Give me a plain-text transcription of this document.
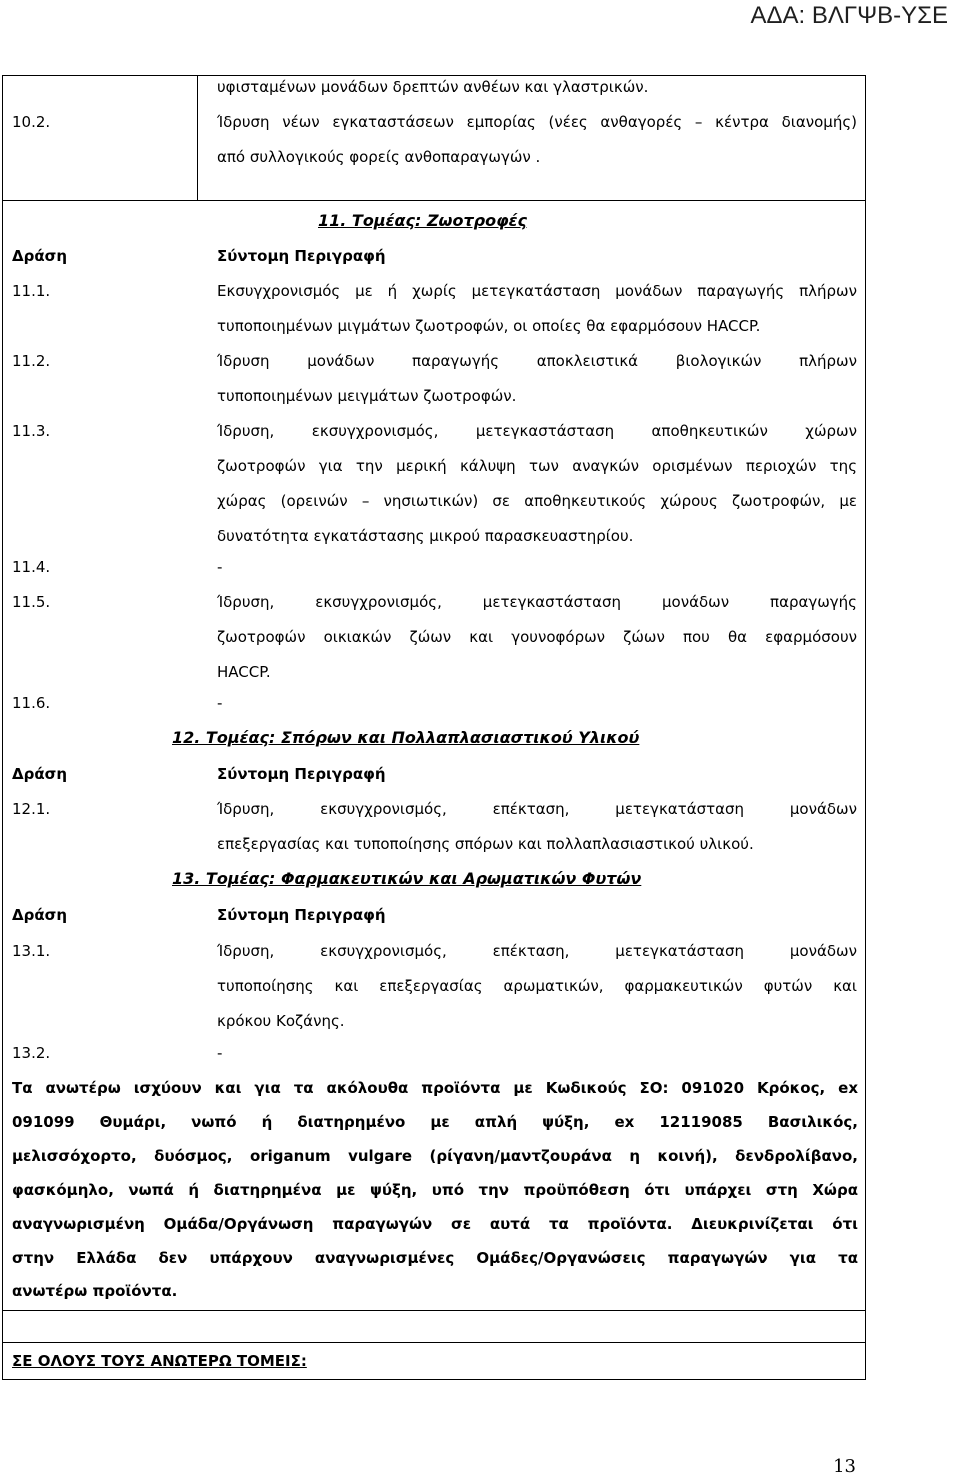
ΑΔΑ: ΒΛΓΨΒ-ΥΣΕ
υφισταμένων μονάδων δρεπτών ανθέων και γλαστρικών.
10.2.	Ίδρυση νέων εγκαταστάσεων εμπορίας (νέες ανθαγορές – κέντρα διανομής)
από συλλογικούς φορείς ανθοπαραγωγών .
11. Τομέας: Ζωοτροφές
Δράση	Σύντομη Περιγραφή
11.1.	Εκσυγχρονισμός με ή χωρίς μετεγκατάσταση μονάδων παραγωγής πλήρων
τυποποιημένων μιγμάτων ζωοτροφών, οι οποίες θα εφαρμόσουν HACCP.
11.2.	Ίδρυση μονάδων παραγωγής αποκλειστικά βιολογικών πλήρων
τυποποιημένων μειγμάτων ζωοτροφών.
11.3.	Ίδρυση, εκσυγχρονισμός, μετεγκαστάσταση αποθηκευτικών χώρων
ζωοτροφών για την μερική κάλυψη των αναγκών ορισμένων περιοχών της
χώρας (ορεινών – νησιωτικών) σε αποθηκευτικούς χώρους ζωοτροφών, με
δυνατότητα εγκατάστασης μικρού παρασκευαστηρίου.
11.4.	-
11.5.	Ίδρυση, εκσυγχρονισμός, μετεγκαστάσταση μονάδων παραγωγής
ζωοτροφών οικιακών ζώων και γουνοφόρων ζώων που θα εφαρμόσουν
HACCP.
11.6.	-
12. Τομέας: Σπόρων και Πολλαπλασιαστικού Υλικού
Δράση	Σύντομη Περιγραφή
12.1.	Ίδρυση, εκσυγχρονισμός, επέκταση, μετεγκατάσταση μονάδων
επεξεργασίας και τυποποίησης σπόρων και πολλαπλασιαστικού υλικού.
13. Τομέας: Φαρμακευτικών και Αρωματικών Φυτών
Δράση	Σύντομη Περιγραφή
13.1.	Ίδρυση, εκσυγχρονισμός, επέκταση, μετεγκατάσταση μονάδων
τυποποίησης και επεξεργασίας αρωματικών, φαρμακευτικών φυτών και
κρόκου Κοζάνης.
13.2.	-
Τα ανωτέρω ισχύουν και για τα ακόλουθα προϊόντα με Κωδικούς ΣΟ: 091020 Κρόκος, ex
091099 Θυμάρι, νωπό ή διατηρημένο με απλή ψύξη, ex 12119085 Βασιλικός,
μελισσόχορτο, δυόσμος, origanum vulgare (ρίγανη/μαντζουράνα η κοινή), δενδρολίβανο,
φασκόμηλο, νωπά ή διατηρημένα με ψύξη, υπό την προϋπόθεση ότι υπάρχει στη Χώρα
αναγνωρισμένη Ομάδα/Οργάνωση παραγωγών σε αυτά τα προϊόντα. Διευκρινίζεται ότι
στην Ελλάδα δεν υπάρχουν αναγνωρισμένες Ομάδες/Οργανώσεις παραγωγών για τα
ανωτέρω προϊόντα.
ΣΕ ΟΛΟΥΣ ΤΟΥΣ ΑΝΩΤΕΡΩ ΤΟΜΕΙΣ:
13
